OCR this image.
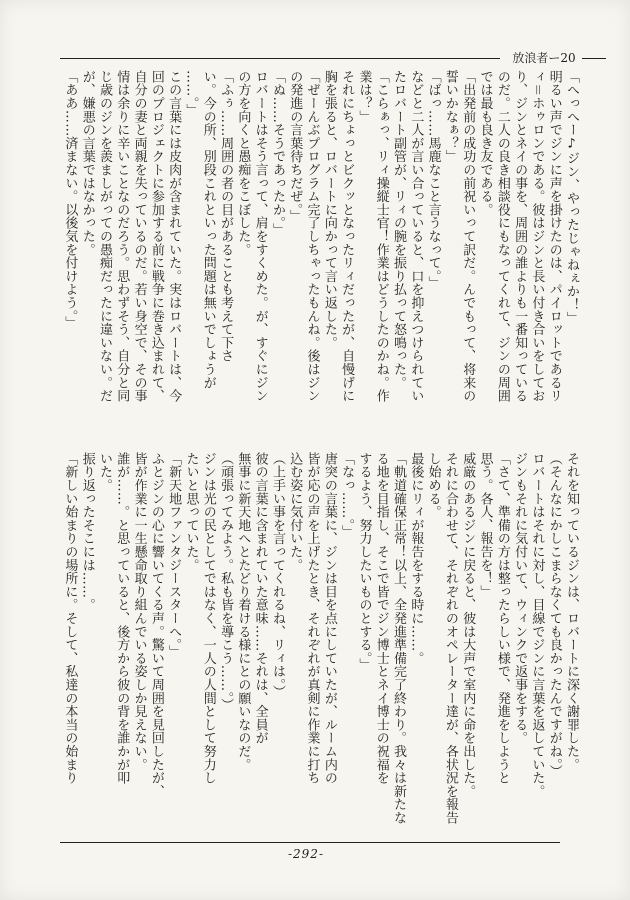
放浪者ー20

「へっへー♪ジン、やったじゃねぇか！」

明るい声でジンに声を掛けたのは、パイロットであるリ

ィ＝ホゥロンである。彼はジンと長い付き合いをしてお

り、ジンとネイの事を、周囲の誰よりも一番知っている

のだ。二人の良き相談役にもなってくれて、ジンの周囲

では最も良き友である。

「出発前の成功の前祝いって訳だ。んでもって、将来の

誓いかなぁ？」

「ばっ……馬鹿なこと言うなって。」

などと二人が言い合っていると、口を抑えつけられてい

たロバート副管が、リィの腕を振り払って怒鳴った。

「こらぁっ、リィ操縦士官！作業はどうしたのかね。作

業は？」

それにちょっとビクッとなったリィだったが、自慢げに

胸を張ると、ロバートに向かって言い返した。

「ぜーんぶプログラム完了しちゃったもんね。後はジン

の発進の言葉待ちだぜ。」

「ぬ……そうであったか。」

ロバートはそう言って、肩をすくめた。が、すぐにジン

の方を向くと愚痴をこぼした。

「ふぅ……周囲の者の目があることも考えて下さ

い。今の所、別段これといった問題は無いでしょうが

……。」

この言葉には皮肉が含まれていた。実はロバートは、今

回のプロジェクトに参加する前に戦争に巻き込まれて、

自分の妻と両親を失っているのだ。若い身空で、その事

情は余りに辛いことなのだろう。思わずそう、自分と同

じ歳のジンを羨ましがっての愚痴だったに違いない。だ

が、嫌悪の言葉ではなかった。

「ああ……済まない。以後気を付けよう。」

それを知っているジンは、ロバートに深く謝罪した。

（そんなにかしこまらなくても良かったんですがね。）

ロバートはそれに対し、目線でジンに言葉を返していた。

ジンもそれに気付いて、ウィンクで返事をする。

「さて、準備の方は整ったらしい様で、発進をしようと

思う。各人、報告を！」

威厳のあるジンに戻ると、彼は大声で室内に命を出した。

それに合わせて、それぞれのオペレーター達が、各状況を報告

し始める。

最後にリィが報告をする時に……。

「軌道確保正常！以上、全発進準備完了終わり。我々は新たな

る地を目指し、そこで皆でジン博士とネイ博士の祝福を

するよう、努力したいものとする。」

「なっ……。」

唐突の言葉に、ジンは目を点にしていたが、ルーム内の

皆が応の声を上げたとき、それぞれが真剣に作業に打ち

込む姿に気付いた。

（上手い事を言ってくれるね、リィは。）

彼の言葉に含まれていた意味……それは、全員が

無事に新天地へとたどり着ける様にとの願いなのだ。

（頑張ってみよう。私も皆を導こう……。）

ジンは光の民としてではなく、一人の人間として努力し

たいと思っていた。

「新天地ファンタジースターへ。」

ふとジンの心に響いてくる声。驚いて周囲を見回したが、

皆が作業に一生懸命取り組んでいる姿しか見えない。

誰が……。と思っていると、後方から彼の背を誰かが叩

いた。

振り返ったそこには……。

「新しい始まりの場所に。そして、私達の本当の始まり

-292-
